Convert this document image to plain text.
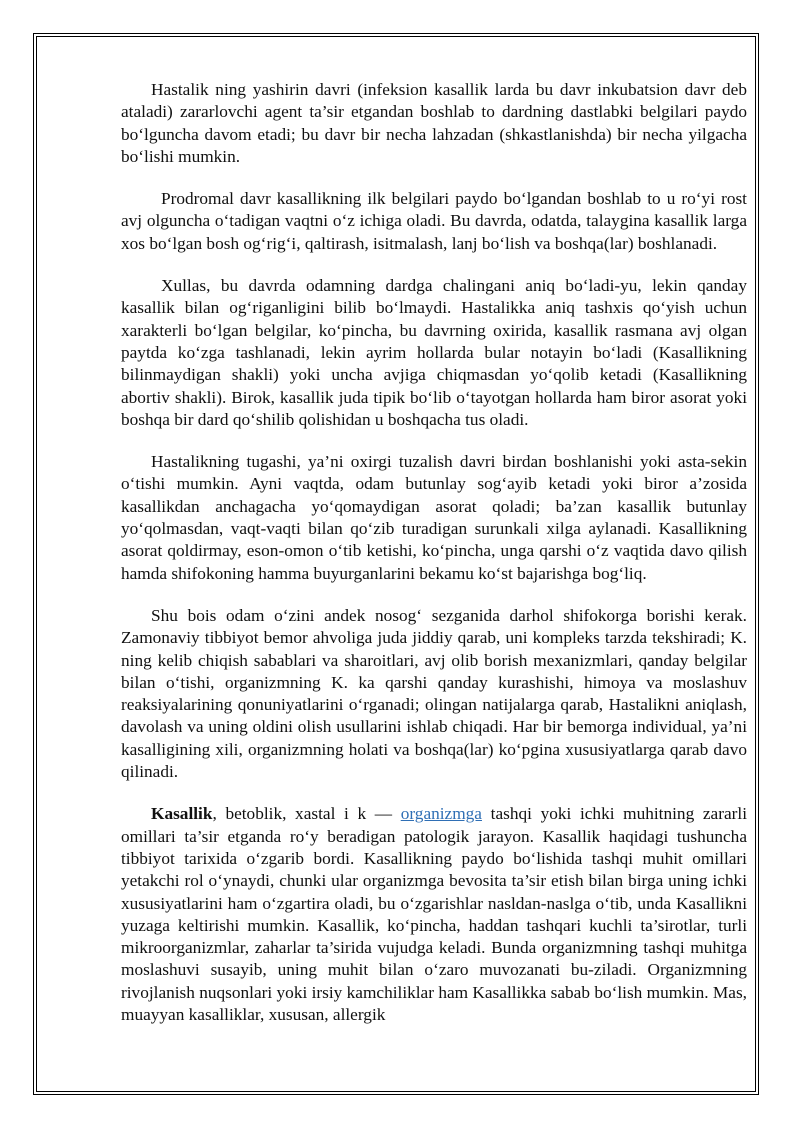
Hastalik ning yashirin davri (infeksion kasallik larda bu davr inkubatsion davr deb ataladi) zararlovchi agent ta’sir etgandan boshlab to dardning dastlabki belgilari paydo bo‘lguncha davom etadi; bu davr bir necha lahzadan (shkastlanishda) bir necha yilgacha bo‘lishi mumkin.

Prodromal davr kasallikning ilk belgilari paydo bo‘lgandan boshlab to u ro‘yi rost avj olguncha o‘tadigan vaqtni o‘z ichiga oladi. Bu davrda, odatda, talaygina kasallik larga xos bo‘lgan bosh og‘rig‘i, qaltirash, isitmalash, lanj bo‘lish va boshqa(lar) boshlanadi.

Xullas, bu davrda odamning dardga chalingani aniq bo‘ladi-yu, lekin qanday kasallik bilan og‘riganligini bilib bo‘lmaydi. Hastalikka aniq tashxis qo‘yish uchun xarakterli bo‘lgan belgilar, ko‘pincha, bu davrning oxirida, kasallik rasmana avj olgan paytda ko‘zga tashlanadi, lekin ayrim hollarda bular notayin bo‘ladi (Kasallikning bilinmaydigan shakli) yoki uncha avjiga chiqmasdan yo‘qolib ketadi (Kasallikning abortiv shakli). Birok, kasallik juda tipik bo‘lib o‘tayotgan hollarda ham biror asorat yoki boshqa bir dard qo‘shilib qolishidan u boshqacha tus oladi.

Hastalikning tugashi, ya’ni oxirgi tuzalish davri birdan boshlanishi yoki asta-sekin o‘tishi mumkin. Ayni vaqtda, odam butunlay sog‘ayib ketadi yoki biror a’zosida kasallikdan anchagacha yo‘qomaydigan asorat qoladi; ba’zan kasallik butunlay yo‘qolmasdan, vaqt-vaqti bilan qo‘zib turadigan surunkali xilga aylanadi. Kasallikning asorat qoldirmay, eson-omon o‘tib ketishi, ko‘pincha, unga qarshi o‘z vaqtida davo qilish hamda shifokoning hamma buyurganlarini bekamu ko‘st bajarishga bog‘liq.

Shu bois odam o‘zini andek nosog‘ sezganida darhol shifokorga borishi kerak. Zamonaviy tibbiyot bemor ahvoliga juda jiddiy qarab, uni kompleks tarzda tekshiradi; K. ning kelib chiqish sabablari va sharoitlari, avj olib borish mexanizmlari, qanday belgilar bilan o‘tishi, organizmning K. ka qarshi qanday kurashishi, himoya va moslashuv reaksiyalarining qonuniyatlarini o‘rganadi; olingan natijalarga qarab, Hastalikni aniqlash, davolash va uning oldini olish usullarini ishlab chiqadi. Har bir bemorga individual, ya’ni kasalligining xili, organizmning holati va boshqa(lar) ko‘pgina xususiyatlarga qarab davo qilinadi.

Kasallik, betoblik, xastal i k — organizmga tashqi yoki ichki muhitning zararli omillari ta’sir etganda ro‘y beradigan patologik jarayon. Kasallik haqidagi tushuncha tibbiyot tarixida o‘zgarib bordi. Kasallikning paydo bo‘lishida tashqi muhit omillari yetakchi rol o‘ynaydi, chunki ular organizmga bevosita ta’sir etish bilan birga uning ichki xususiyatlarini ham o‘zgartira oladi, bu o‘zgarishlar nasldan-naslga o‘tib, unda Kasallikni yuzaga keltirishi mumkin. Kasallik, ko‘pincha, haddan tashqari kuchli ta’sirotlar, turli mikroorganizmlar, zaharlar ta’sirida vujudga keladi. Bunda organizmning tashqi muhitga moslashuvi susayib, uning muhit bilan o‘zaro muvozanati bu-ziladi. Organizmning rivojlanish nuqsonlari yoki irsiy kamchiliklar ham Kasallikka sabab bo‘lish mumkin. Mas, muayyan kasalliklar, xususan, allergik
